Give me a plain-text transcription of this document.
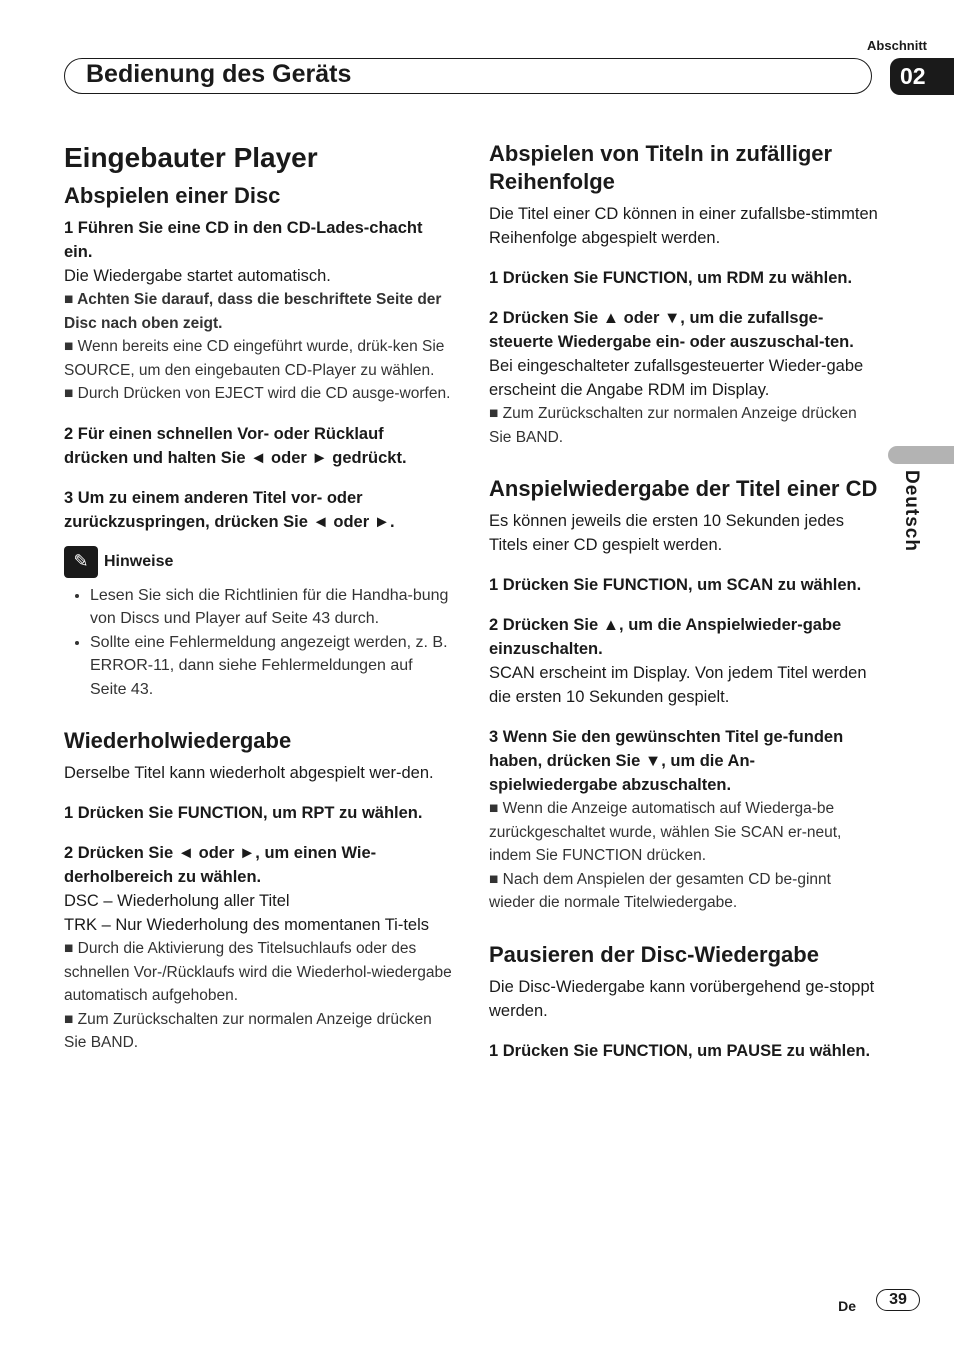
Abschnitt
Bedienung des Geräts	02
Deutsch
Eingebauter Player
Abspielen einer Disc

1 Führen Sie eine CD in den CD-Lades-chacht ein.

Die Wiedergabe startet automatisch.

■ Achten Sie darauf, dass die beschriftete Seite der Disc nach oben zeigt.

■ Wenn bereits eine CD eingeführt wurde, drük-ken Sie SOURCE, um den eingebauten CD-Player zu wählen.

■ Durch Drücken von EJECT wird die CD ausge-worfen.

2 Für einen schnellen Vor- oder Rücklauf drücken und halten Sie ◄ oder ► gedrückt.

3 Um zu einem anderen Titel vor- oder zurückzuspringen, drücken Sie ◄ oder ►.

✎ Hinweise
• Lesen Sie sich die Richtlinien für die Handha-bung von Discs und Player auf Seite 43 durch.
• Sollte eine Fehlermeldung angezeigt werden, z. B. ERROR-11, dann siehe Fehlermeldungen auf Seite 43.
Wiederholwiedergabe

Derselbe Titel kann wiederholt abgespielt wer-den.

1 Drücken Sie FUNCTION, um RPT zu wählen.

2 Drücken Sie ◄ oder ►, um einen Wie-derholbereich zu wählen.

DSC – Wiederholung aller Titel

TRK – Nur Wiederholung des momentanen Ti-tels

■ Durch die Aktivierung des Titelsuchlaufs oder des schnellen Vor-/Rücklaufs wird die Wiederhol-wiedergabe automatisch aufgehoben.

■ Zum Zurückschalten zur normalen Anzeige drücken Sie BAND.

Abspielen von Titeln in zufälliger Reihenfolge

Die Titel einer CD können in einer zufallsbe-stimmten Reihenfolge abgespielt werden.

1 Drücken Sie FUNCTION, um RDM zu wählen.

2 Drücken Sie ▲ oder ▼, um die zufallsge-steuerte Wiedergabe ein- oder auszuschal-ten.

Bei eingeschalteter zufallsgesteuerter Wieder-gabe erscheint die Angabe RDM im Display.

■ Zum Zurückschalten zur normalen Anzeige drücken Sie BAND.

Anspielwiedergabe der Titel einer CD

Es können jeweils die ersten 10 Sekunden jedes Titels einer CD gespielt werden.

1 Drücken Sie FUNCTION, um SCAN zu wählen.

2 Drücken Sie ▲, um die Anspielwieder-gabe einzuschalten.

SCAN erscheint im Display. Von jedem Titel werden die ersten 10 Sekunden gespielt.

3 Wenn Sie den gewünschten Titel ge-funden haben, drücken Sie ▼, um die An-spielwiedergabe abzuschalten.

■ Wenn die Anzeige automatisch auf Wiederga-be zurückgeschaltet wurde, wählen Sie SCAN er-neut, indem Sie FUNCTION drücken.

■ Nach dem Anspielen der gesamten CD be-ginnt wieder die normale Titelwiedergabe.

Pausieren der Disc-Wiedergabe

Die Disc-Wiedergabe kann vorübergehend ge-stoppt werden.

1 Drücken Sie FUNCTION, um PAUSE zu wählen.

De	39
